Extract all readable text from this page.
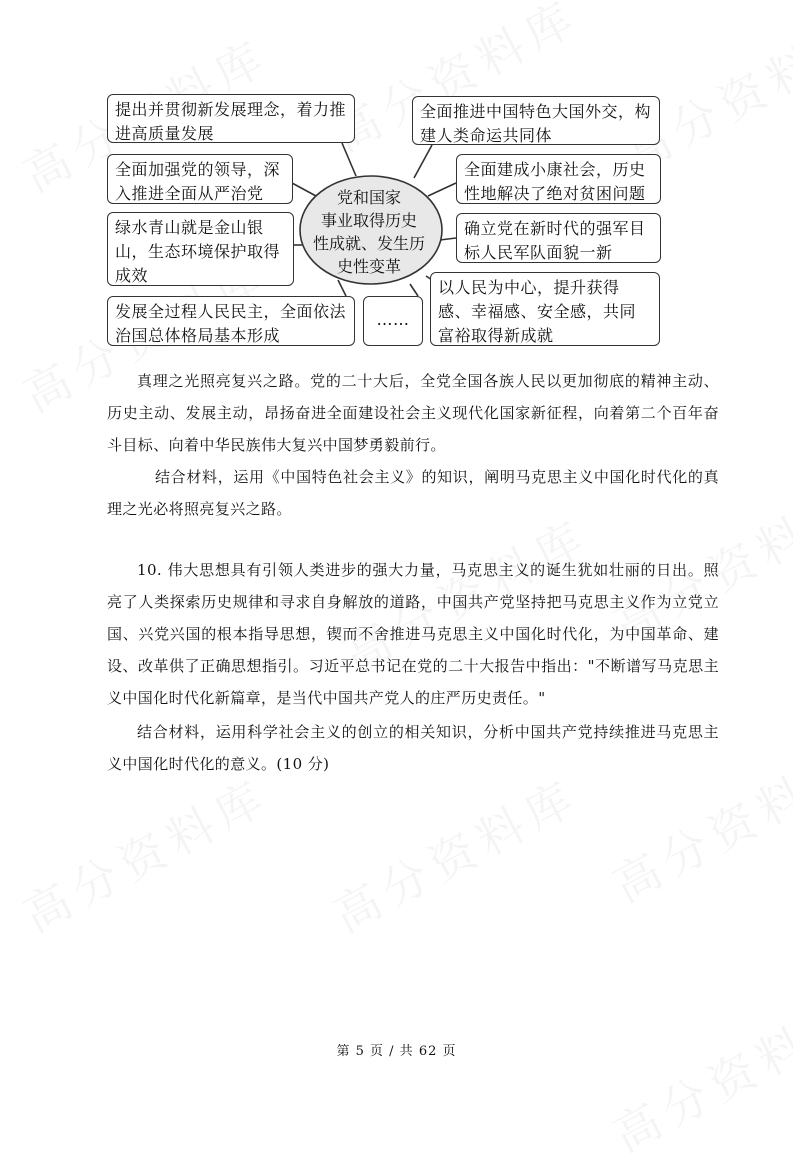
党和国家
事业取得历史
性成就、发生历
史性变革
提出并贯彻新发展理念，着力推进高质量发展
全面推进中国特色大国外交，构建人类命运共同体
全面加强党的领导，深入推进全面从严治党
全面建成小康社会，历史性地解决了绝对贫困问题
绿水青山就是金山银山，生态环境保护取得成效
确立党在新时代的强军目标人民军队面貌一新
发展全过程人民民主，全面依法治国总体格局基本形成
……
以人民为中心，提升获得感、幸福感、安全感，共同富裕取得新成就
真理之光照亮复兴之路。党的二十大后，全党全国各族人民以更加彻底的精神主动、历史主动、发展主动，昂扬奋进全面建设社会主义现代化国家新征程，向着第二个百年奋斗目标、向着中华民族伟大复兴中国梦勇毅前行。
结合材料，运用《中国特色社会主义》的知识，阐明马克思主义中国化时代化的真理之光必将照亮复兴之路。
10. 伟大思想具有引领人类进步的强大力量，马克思主义的诞生犹如壮丽的日出。照亮了人类探索历史规律和寻求自身解放的道路，中国共产党坚持把马克思主义作为立党立国、兴党兴国的根本指导思想，锲而不舍推进马克思主义中国化时代化，为中国革命、建设、改革供了正确思想指引。习近平总书记在党的二十大报告中指出："不断谱写马克思主义中国化时代化新篇章，是当代中国共产党人的庄严历史责任。"
结合材料，运用科学社会主义的创立的相关知识，分析中国共产党持续推进马克思主义中国化时代化的意义。(10 分)
第 5 页 / 共 62 页
